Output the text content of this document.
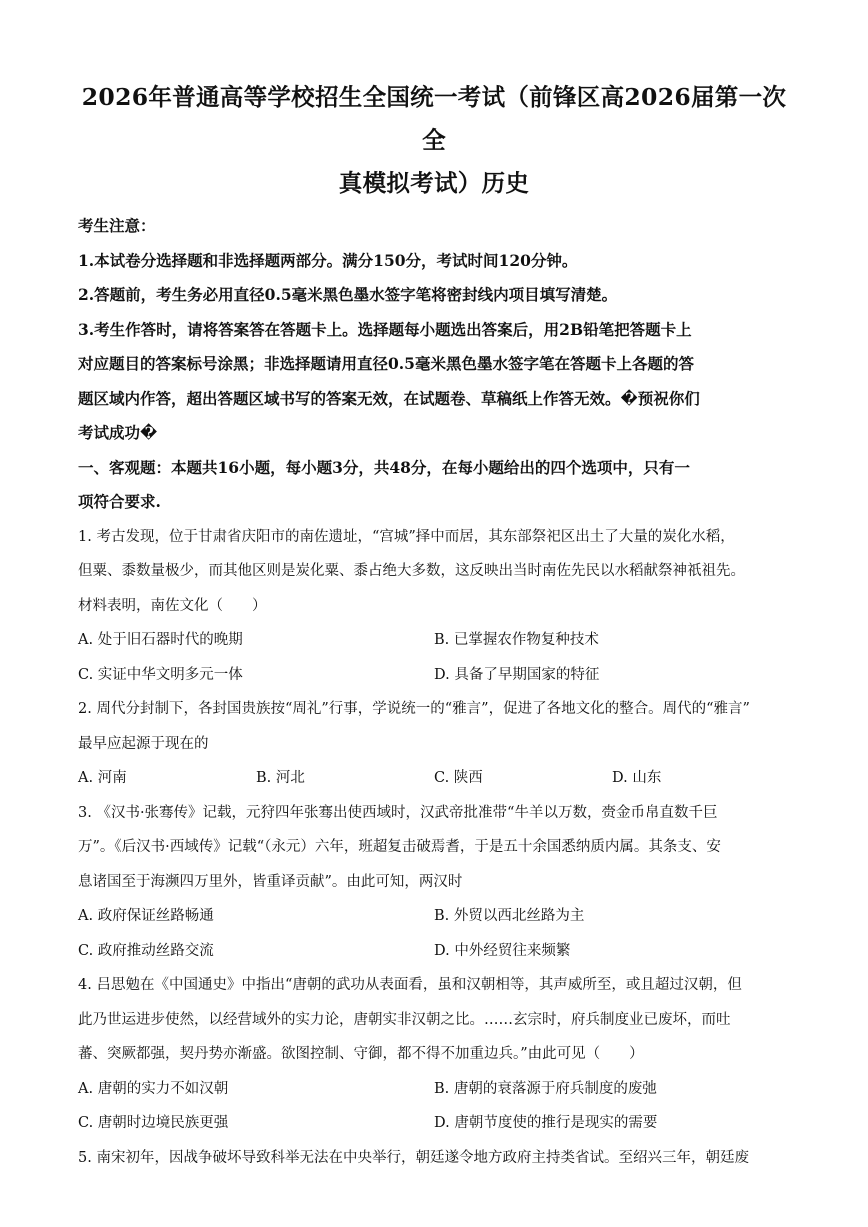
2026年普通高等学校招生全国统一考试（前锋区高2026届第一次全
真模拟考试）历史

考生注意：

1.本试卷分选择题和非选择题两部分。满分150分，考试时间120分钟。

2.答题前，考生务必用直径0.5毫米黑色墨水签字笔将密封线内项目填写清楚。

3.考生作答时，请将答案答在答题卡上。选择题每小题选出答案后，用2B铅笔把答题卡上

对应题目的答案标号涂黑；非选择题请用直径0.5毫米黑色墨水签字笔在答题卡上各题的答

题区域内作答，超出答题区域书写的答案无效，在试题卷、草稿纸上作答无效。�预祝你们

考试成功�

一、客观题：本题共16小题，每小题3分，共48分，在每小题给出的四个选项中，只有一

项符合要求.

1. 考古发现，位于甘肃省庆阳市的南佐遗址，“宫城”择中而居，其东部祭祀区出土了大量的炭化水稻，

但粟、黍数量极少，而其他区则是炭化粟、黍占绝大多数，这反映出当时南佐先民以水稻献祭神祇祖先。

材料表明，南佐文化（　　）

A. 处于旧石器时代的晚期	B. 已掌握农作物复种技术
C. 实证中华文明多元一体	D. 具备了早期国家的特征

2. 周代分封制下，各封国贵族按“周礼”行事，学说统一的“雅言”，促进了各地文化的整合。周代的“雅言”

最早应起源于现在的

A. 河南	B. 河北	C. 陕西	D. 山东

3. 《汉书·张骞传》记载，元狩四年张骞出使西域时，汉武帝批准带“牛羊以万数，赍金币帛直数千巨

万”。《后汉书·西域传》记载“（永元）六年，班超复击破焉耆，于是五十余国悉纳质内属。其条支、安

息诸国至于海濒四万里外，皆重译贡献”。由此可知，两汉时

A. 政府保证丝路畅通	B. 外贸以西北丝路为主
C. 政府推动丝路交流	D. 中外经贸往来频繁

4. 吕思勉在《中国通史》中指出“唐朝的武功从表面看，虽和汉朝相等，其声威所至，或且超过汉朝，但

此乃世运进步使然，以经营域外的实力论，唐朝实非汉朝之比。……玄宗时，府兵制度业已废坏，而吐

蕃、突厥都强，契丹势亦渐盛。欲图控制、守御，都不得不加重边兵。”由此可见（　　）

A. 唐朝的实力不如汉朝	B. 唐朝的衰落源于府兵制度的废弛
C. 唐朝时边境民族更强	D. 唐朝节度使的推行是现实的需要

5. 南宋初年，因战争破坏导致科举无法在中央举行，朝廷遂令地方政府主持类省试。至绍兴三年，朝廷废
